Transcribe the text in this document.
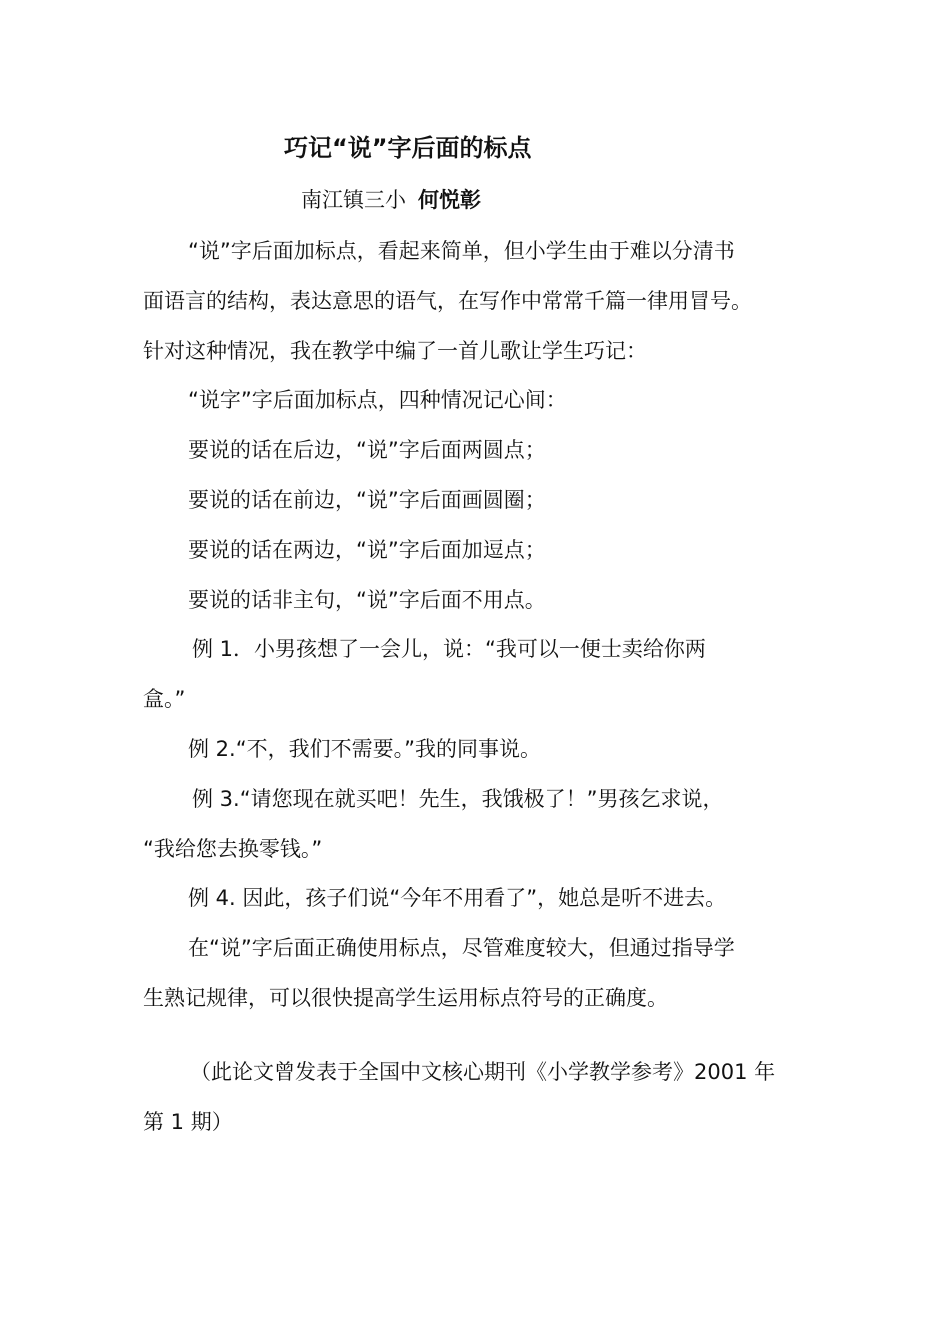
巧记“说”字后面的标点
南江镇三小 何悦彰
“说”字后面加标点，看起来简单，但小学生由于难以分清书
面语言的结构，表达意思的语气，在写作中常常千篇一律用冒号。
针对这种情况，我在教学中编了一首儿歌让学生巧记：
“说字”字后面加标点，四种情况记心间：
要说的话在后边，“说”字后面两圆点；
要说的话在前边，“说”字后面画圆圈；
要说的话在两边，“说”字后面加逗点；
要说的话非主句，“说”字后面不用点。
例 1．小男孩想了一会儿，说：“我可以一便士卖给你两
盒。”
例 2.“不，我们不需要。”我的同事说。
例 3.“请您现在就买吧！先生，我饿极了！”男孩乞求说，
“我给您去换零钱。”
例 4. 因此，孩子们说“今年不用看了”，她总是听不进去。
在“说”字后面正确使用标点，尽管难度较大，但通过指导学
生熟记规律，可以很快提高学生运用标点符号的正确度。
（此论文曾发表于全国中文核心期刊《小学教学参考》2001 年
第 1 期）
